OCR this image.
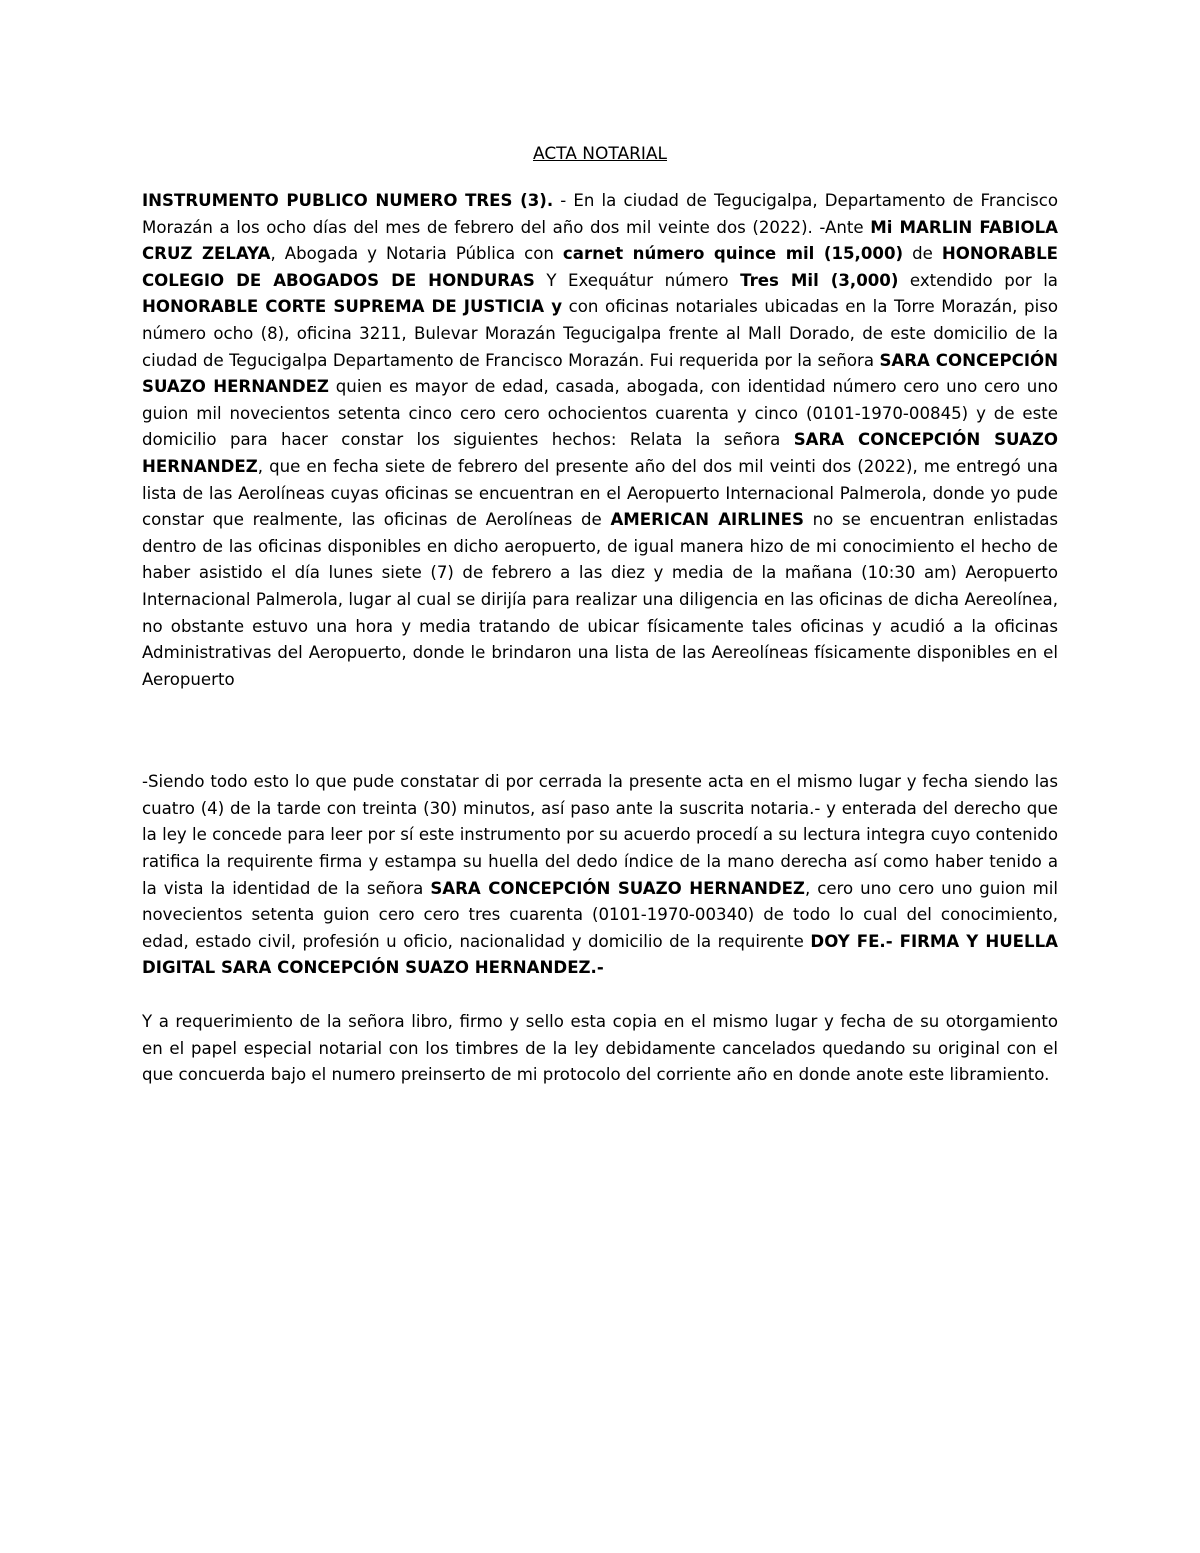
ACTA NOTARIAL

INSTRUMENTO PUBLICO NUMERO TRES (3). - En la ciudad de Tegucigalpa, Departamento de Francisco Morazán a los ocho días del mes de febrero del año dos mil veinte dos (2022). -Ante Mi MARLIN FABIOLA CRUZ ZELAYA, Abogada y Notaria Pública con carnet número quince mil (15,000) de HONORABLE COLEGIO DE ABOGADOS DE HONDURAS Y Exequátur número Tres Mil (3,000) extendido por la HONORABLE CORTE SUPREMA DE JUSTICIA y con oficinas notariales ubicadas en la Torre Morazán, piso número ocho (8), oficina 3211, Bulevar Morazán Tegucigalpa frente al Mall Dorado, de este domicilio de la ciudad de Tegucigalpa Departamento de Francisco Morazán. Fui requerida por la señora SARA CONCEPCIÓN SUAZO HERNANDEZ quien es mayor de edad, casada, abogada, con identidad número cero uno cero uno guion mil novecientos setenta cinco cero cero ochocientos cuarenta y cinco (0101-1970-00845) y de este domicilio para hacer constar los siguientes hechos: Relata la señora SARA CONCEPCIÓN SUAZO HERNANDEZ, que en fecha siete de febrero del presente año del dos mil veinti dos (2022), me entregó una lista de las Aerolíneas cuyas oficinas se encuentran en el Aeropuerto Internacional Palmerola, donde yo pude constar que realmente, las oficinas de Aerolíneas de AMERICAN AIRLINES no se encuentran enlistadas dentro de las oficinas disponibles en dicho aeropuerto, de igual manera hizo de mi conocimiento el hecho de haber asistido el día lunes siete (7) de febrero a las diez y media de la mañana (10:30 am) Aeropuerto Internacional Palmerola, lugar al cual se dirijía para realizar una diligencia en las oficinas de dicha Aereolínea, no obstante estuvo una hora y media tratando de ubicar físicamente tales oficinas y acudió a la oficinas Administrativas del Aeropuerto, donde le brindaron una lista de las Aereolíneas físicamente disponibles en el Aeropuerto

-Siendo todo esto lo que pude constatar di por cerrada la presente acta en el mismo lugar y fecha siendo las cuatro (4) de la tarde con treinta (30) minutos, así paso ante la suscrita notaria.- y enterada del derecho que la ley le concede para leer por sí este instrumento por su acuerdo procedí a su lectura integra cuyo contenido ratifica la requirente firma y estampa su huella del dedo índice de la mano derecha así como haber tenido a la vista la identidad de la señora SARA CONCEPCIÓN SUAZO HERNANDEZ, cero uno cero uno guion mil novecientos setenta guion cero cero tres cuarenta (0101-1970-00340) de todo lo cual del conocimiento, edad, estado civil, profesión u oficio, nacionalidad y domicilio de la requirente DOY FE.- FIRMA Y HUELLA DIGITAL SARA CONCEPCIÓN SUAZO HERNANDEZ.-

Y a requerimiento de la señora libro, firmo y sello esta copia en el mismo lugar y fecha de su otorgamiento en el papel especial notarial con los timbres de la ley debidamente cancelados quedando su original con el que concuerda bajo el numero preinserto de mi protocolo del corriente año en donde anote este libramiento.
